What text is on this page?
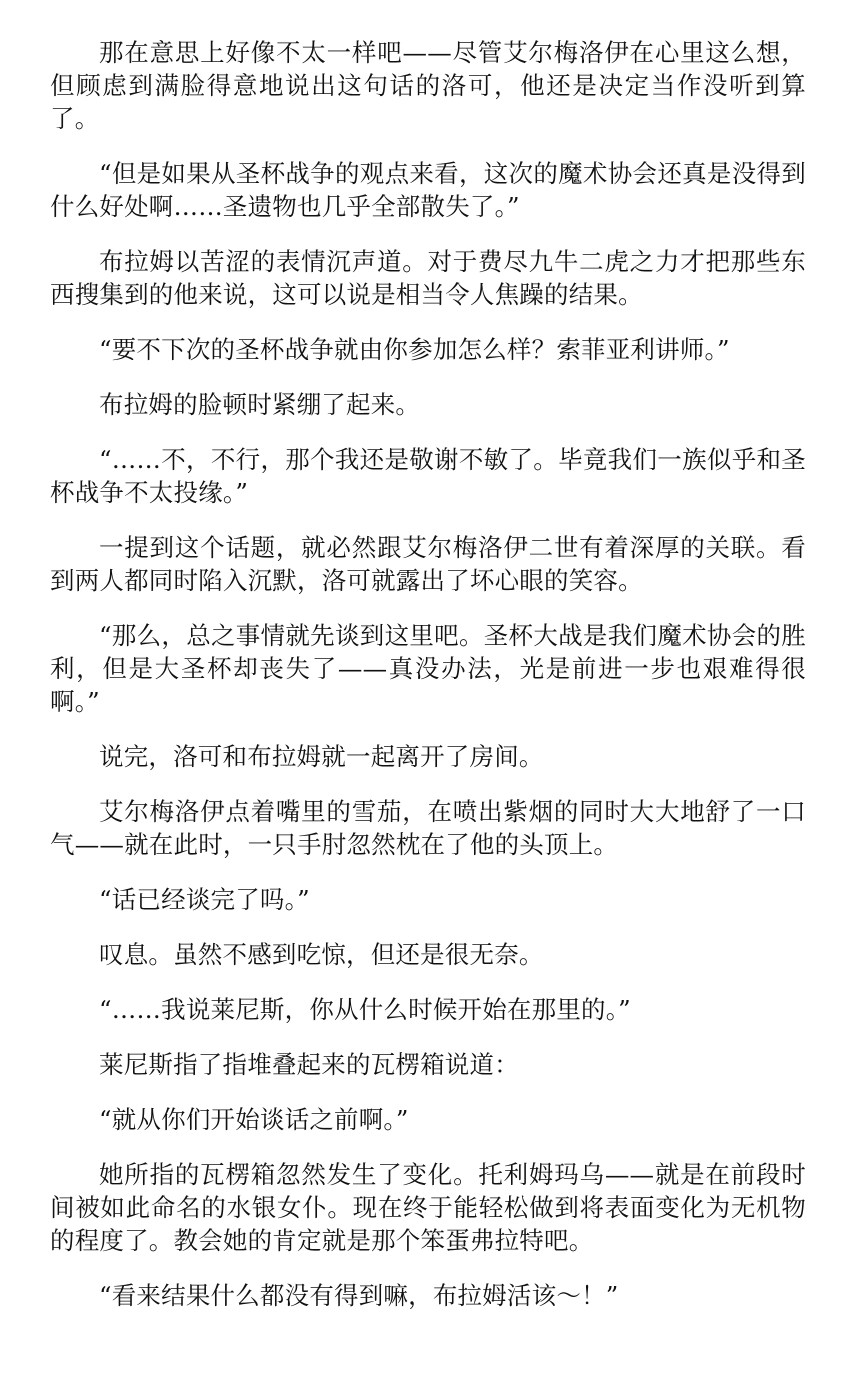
那在意思上好像不太一样吧——尽管艾尔梅洛伊在心里这么想，但顾虑到满脸得意地说出这句话的洛可，他还是决定当作没听到算了。

“但是如果从圣杯战争的观点来看，这次的魔术协会还真是没得到什么好处啊……圣遗物也几乎全部散失了。”

布拉姆以苦涩的表情沉声道。对于费尽九牛二虎之力才把那些东西搜集到的他来说，这可以说是相当令人焦躁的结果。

“要不下次的圣杯战争就由你参加怎么样？索菲亚利讲师。”

布拉姆的脸顿时紧绷了起来。

“……不，不行，那个我还是敬谢不敏了。毕竟我们一族似乎和圣杯战争不太投缘。”

一提到这个话题，就必然跟艾尔梅洛伊二世有着深厚的关联。看到两人都同时陷入沉默，洛可就露出了坏心眼的笑容。

“那么，总之事情就先谈到这里吧。圣杯大战是我们魔术协会的胜利，但是大圣杯却丧失了——真没办法，光是前进一步也艰难得很啊。”

说完，洛可和布拉姆就一起离开了房间。

艾尔梅洛伊点着嘴里的雪茄，在喷出紫烟的同时大大地舒了一口气——就在此时，一只手肘忽然枕在了他的头顶上。

“话已经谈完了吗。”

叹息。虽然不感到吃惊，但还是很无奈。

“……我说莱尼斯，你从什么时候开始在那里的。”

莱尼斯指了指堆叠起来的瓦楞箱说道：

“就从你们开始谈话之前啊。”

她所指的瓦楞箱忽然发生了变化。托利姆玛乌——就是在前段时间被如此命名的水银女仆。现在终于能轻松做到将表面变化为无机物的程度了。教会她的肯定就是那个笨蛋弗拉特吧。

“看来结果什么都没有得到嘛，布拉姆活该～！”
